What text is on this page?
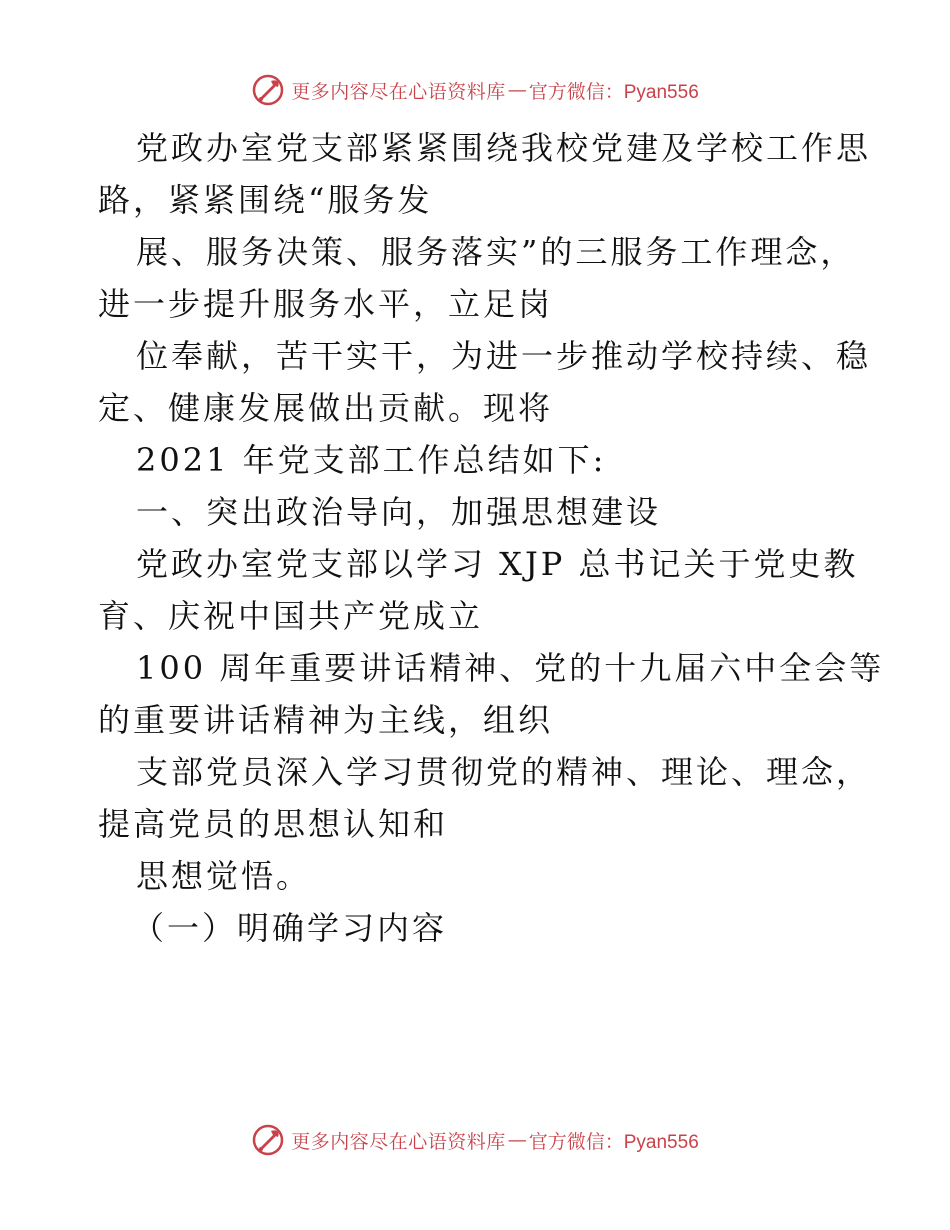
更多内容尽在心语资料库 — 官方微信：Pyan556
党政办室党支部紧紧围绕我校党建及学校工作思
路，紧紧围绕“服务发
展、服务决策、服务落实”的三服务工作理念，
进一步提升服务水平，立足岗
位奉献，苦干实干，为进一步推动学校持续、稳
定、健康发展做出贡献。现将
2021 年党支部工作总结如下:
一、突出政治导向，加强思想建设
党政办室党支部以学习 XJP 总书记关于党史教
育、庆祝中国共产党成立
100 周年重要讲话精神、党的十九届六中全会等
的重要讲话精神为主线，组织
支部党员深入学习贯彻党的精神、理论、理念，
提高党员的思想认知和
思想觉悟。
（一）明确学习内容
更多内容尽在心语资料库 — 官方微信：Pyan556
